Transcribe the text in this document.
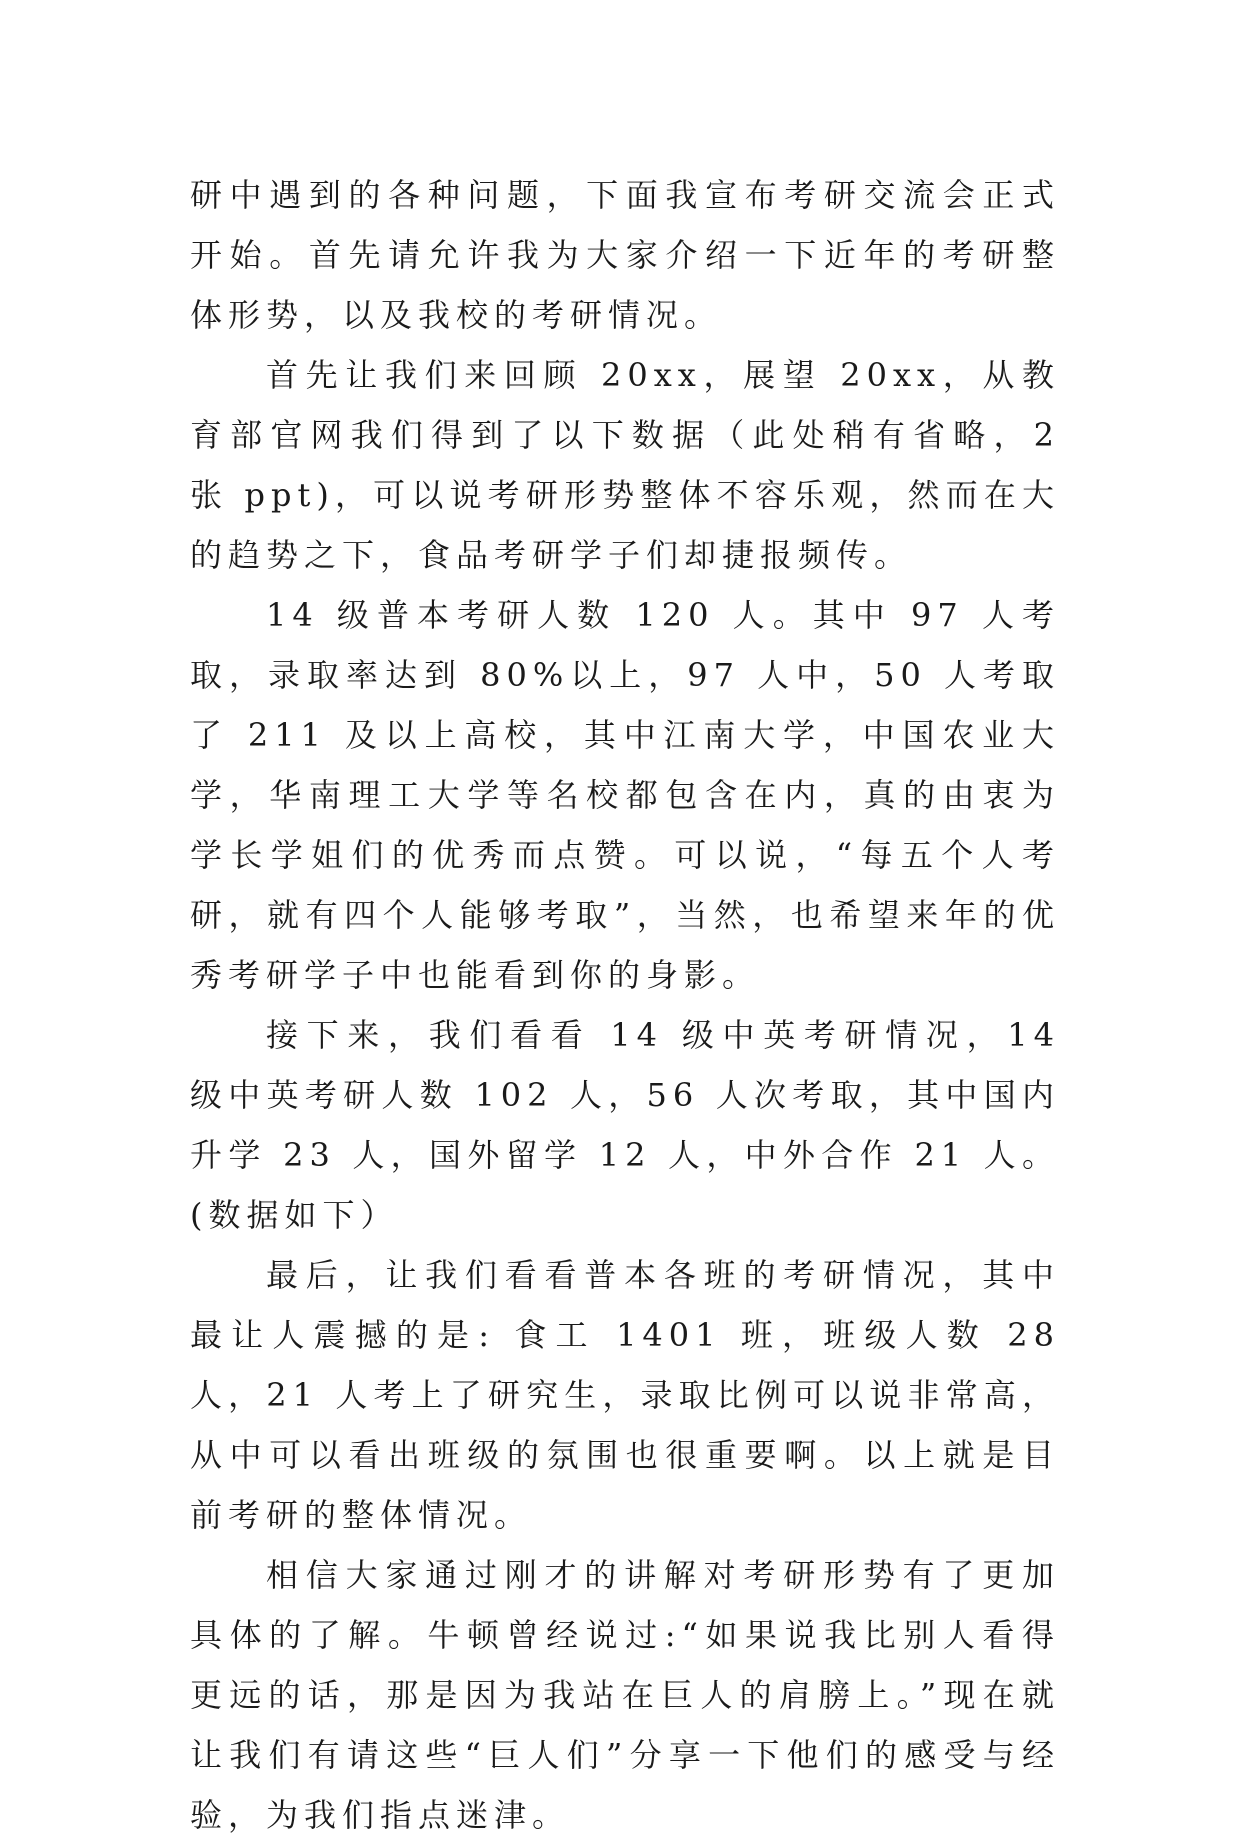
研中遇到的各种问题，下面我宣布考研交流会正式开始。首先请允许我为大家介绍一下近年的考研整体形势，以及我校的考研情况。

首先让我们来回顾 20xx，展望 20xx，从教育部官网我们得到了以下数据（此处稍有省略，2 张 ppt)，可以说考研形势整体不容乐观，然而在大的趋势之下，食品考研学子们却捷报频传。

14 级普本考研人数 120 人。其中 97 人考取，录取率达到 80%以上，97 人中，50 人考取了 211 及以上高校，其中江南大学，中国农业大学，华南理工大学等名校都包含在内，真的由衷为学长学姐们的优秀而点赞。可以说，“每五个人考研，就有四个人能够考取”，当然，也希望来年的优秀考研学子中也能看到你的身影。

接下来，我们看看 14 级中英考研情况，14 级中英考研人数 102 人，56 人次考取，其中国内升学 23 人，国外留学 12 人，中外合作 21 人。(数据如下）

最后，让我们看看普本各班的考研情况，其中最让人震撼的是: 食工 1401 班，班级人数 28 人，21 人考上了研究生，录取比例可以说非常高，从中可以看出班级的氛围也很重要啊。以上就是目前考研的整体情况。

相信大家通过刚才的讲解对考研形势有了更加具体的了解。牛顿曾经说过:“如果说我比别人看得更远的话，那是因为我站在巨人的肩膀上。”现在就让我们有请这些“巨人们”分享一下他们的感受与经验，为我们指点迷津。
